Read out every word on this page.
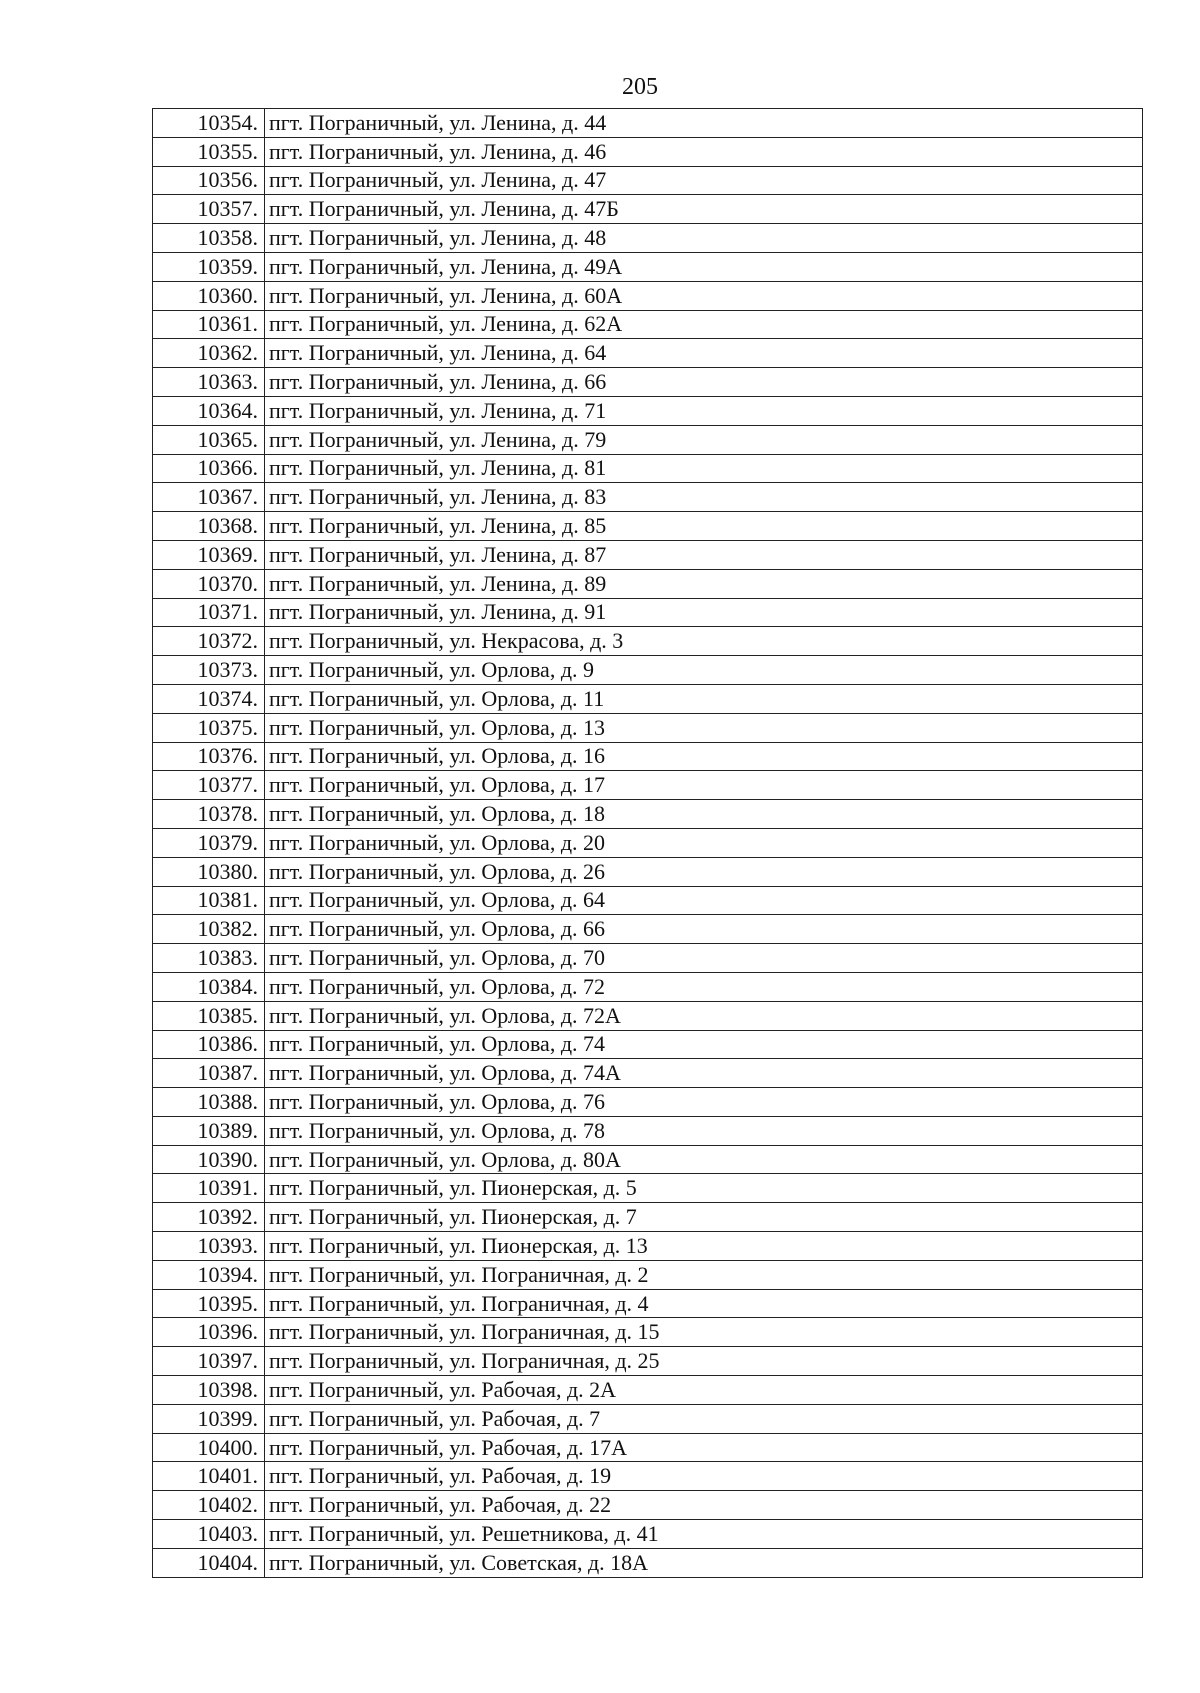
205
10354.	пгт. Пограничный, ул. Ленина, д. 44
10355.	пгт. Пограничный, ул. Ленина, д. 46
10356.	пгт. Пограничный, ул. Ленина, д. 47
10357.	пгт. Пограничный, ул. Ленина, д. 47Б
10358.	пгт. Пограничный, ул. Ленина, д. 48
10359.	пгт. Пограничный, ул. Ленина, д. 49А
10360.	пгт. Пограничный, ул. Ленина, д. 60А
10361.	пгт. Пограничный, ул. Ленина, д. 62А
10362.	пгт. Пограничный, ул. Ленина, д. 64
10363.	пгт. Пограничный, ул. Ленина, д. 66
10364.	пгт. Пограничный, ул. Ленина, д. 71
10365.	пгт. Пограничный, ул. Ленина, д. 79
10366.	пгт. Пограничный, ул. Ленина, д. 81
10367.	пгт. Пограничный, ул. Ленина, д. 83
10368.	пгт. Пограничный, ул. Ленина, д. 85
10369.	пгт. Пограничный, ул. Ленина, д. 87
10370.	пгт. Пограничный, ул. Ленина, д. 89
10371.	пгт. Пограничный, ул. Ленина, д. 91
10372.	пгт. Пограничный, ул. Некрасова, д. 3
10373.	пгт. Пограничный, ул. Орлова, д. 9
10374.	пгт. Пограничный, ул. Орлова, д. 11
10375.	пгт. Пограничный, ул. Орлова, д. 13
10376.	пгт. Пограничный, ул. Орлова, д. 16
10377.	пгт. Пограничный, ул. Орлова, д. 17
10378.	пгт. Пограничный, ул. Орлова, д. 18
10379.	пгт. Пограничный, ул. Орлова, д. 20
10380.	пгт. Пограничный, ул. Орлова, д. 26
10381.	пгт. Пограничный, ул. Орлова, д. 64
10382.	пгт. Пограничный, ул. Орлова, д. 66
10383.	пгт. Пограничный, ул. Орлова, д. 70
10384.	пгт. Пограничный, ул. Орлова, д. 72
10385.	пгт. Пограничный, ул. Орлова, д. 72А
10386.	пгт. Пограничный, ул. Орлова, д. 74
10387.	пгт. Пограничный, ул. Орлова, д. 74А
10388.	пгт. Пограничный, ул. Орлова, д. 76
10389.	пгт. Пограничный, ул. Орлова, д. 78
10390.	пгт. Пограничный, ул. Орлова, д. 80А
10391.	пгт. Пограничный, ул. Пионерская, д. 5
10392.	пгт. Пограничный, ул. Пионерская, д. 7
10393.	пгт. Пограничный, ул. Пионерская, д. 13
10394.	пгт. Пограничный, ул. Пограничная, д. 2
10395.	пгт. Пограничный, ул. Пограничная, д. 4
10396.	пгт. Пограничный, ул. Пограничная, д. 15
10397.	пгт. Пограничный, ул. Пограничная, д. 25
10398.	пгт. Пограничный, ул. Рабочая, д. 2А
10399.	пгт. Пограничный, ул. Рабочая, д. 7
10400.	пгт. Пограничный, ул. Рабочая, д. 17А
10401.	пгт. Пограничный, ул. Рабочая, д. 19
10402.	пгт. Пограничный, ул. Рабочая, д. 22
10403.	пгт. Пограничный, ул. Решетникова, д. 41
10404.	пгт. Пограничный, ул. Советская, д. 18А
